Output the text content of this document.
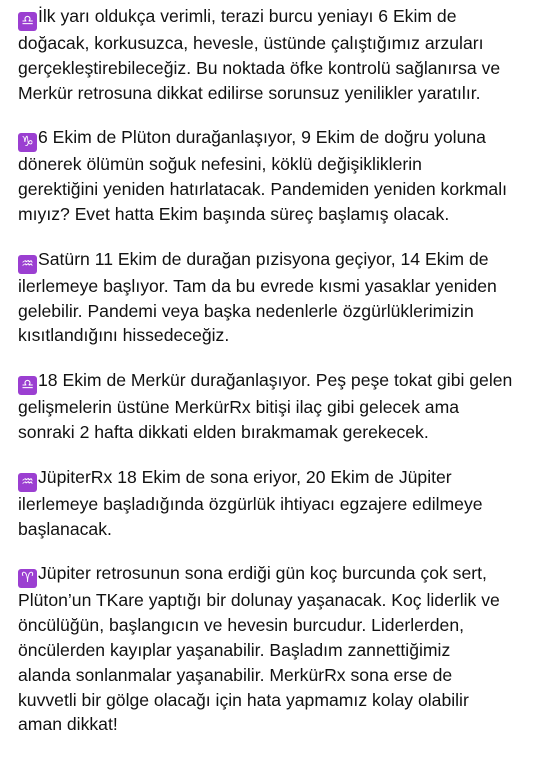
♎ İlk yarı oldukça verimli, terazi burcu yeniayı 6 Ekim de
doğacak, korkusuzca, hevesle, üstünde çalıştığımız arzuları
gerçekleştirebileceğiz. Bu noktada öfke kontrolü sağlanırsa ve
Merkür retrosuna dikkat edilirse sorunsuz yenilikler yaratılır.

♑ 6 Ekim de Plüton durağanlaşıyor, 9 Ekim de doğru yoluna
dönerek ölümün soğuk nefesini, köklü değişikliklerin
gerektiğini yeniden hatırlatacak. Pandemiden yeniden korkmalı
mıyız? Evet hatta Ekim başında süreç başlamış olacak.

♒ Satürn 11 Ekim de durağan pızisyona geçiyor, 14 Ekim de
ilerlemeye başlıyor. Tam da bu evrede kısmi yasaklar yeniden
gelebilir. Pandemi veya başka nedenlerle özgürlüklerimizin
kısıtlandığını hissedeceğiz.

♎ 18 Ekim de Merkür durağanlaşıyor. Peş peşe tokat gibi gelen
gelişmelerin üstüne MerkürRx bitişi ilaç gibi gelecek ama
sonraki 2 hafta dikkati elden bırakmamak gerekecek.

♒ JüpiterRx 18 Ekim de sona eriyor, 20 Ekim de Jüpiter
ilerlemeye başladığında özgürlük ihtiyacı egzajere edilmeye
başlanacak.

♈ Jüpiter retrosunun sona erdiği gün koç burcunda çok sert,
Plüton’un TKare yaptığı bir dolunay yaşanacak. Koç liderlik ve
öncülüğün, başlangıcın ve hevesin burcudur. Liderlerden,
öncülerden kayıplar yaşanabilir. Başladım zannettiğimiz
alanda sonlanmalar yaşanabilir. MerkürRx sona erse de
kuvvetli bir gölge olacağı için hata yapmamız kolay olabilir
aman dikkat!
